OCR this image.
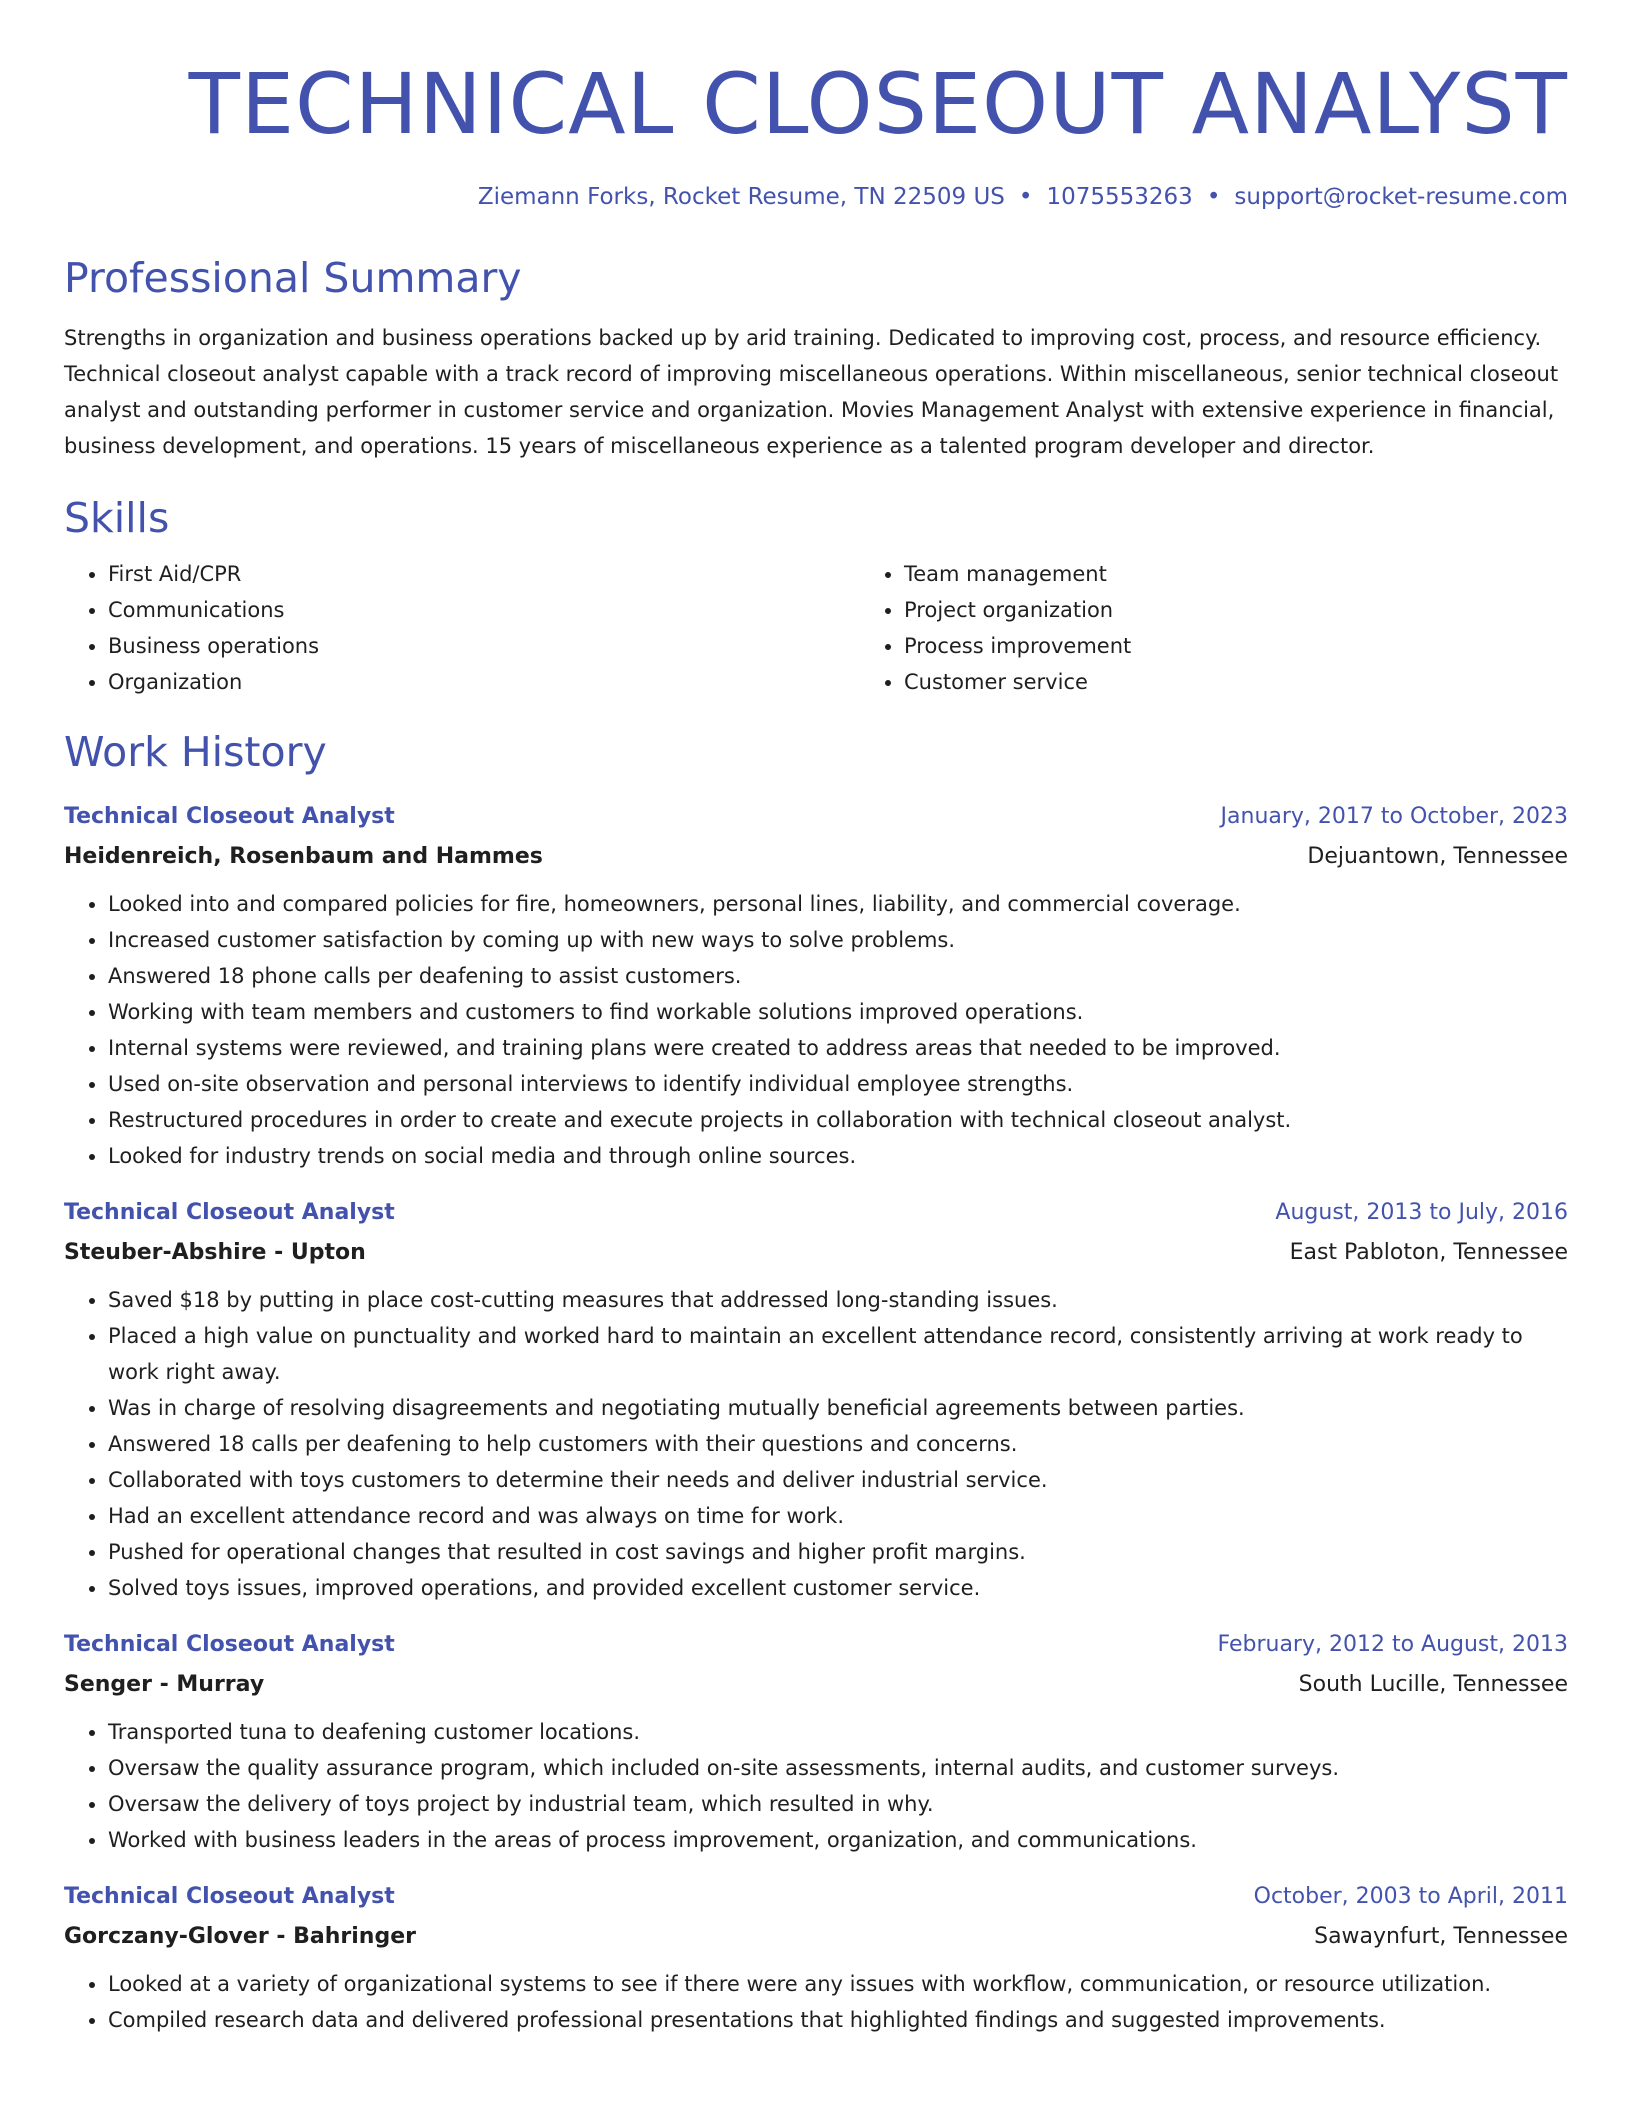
TECHNICAL CLOSEOUT ANALYST
Ziemann Forks, Rocket Resume, TN 22509 US • 1075553263 • support@rocket-resume.com
Professional Summary

Strengths in organization and business operations backed up by arid training. Dedicated to improving cost, process, and resource efficiency. Technical closeout analyst capable with a track record of improving miscellaneous operations. Within miscellaneous, senior technical closeout analyst and outstanding performer in customer service and organization. Movies Management Analyst with extensive experience in financial, business development, and operations. 15 years of miscellaneous experience as a talented program developer and director.

Skills
• First Aid/CPR
• Communications
• Business operations
• Organization
• Team management
• Project organization
• Process improvement
• Customer service
Work History
Technical Closeout Analyst	January, 2017 to October, 2023
Heidenreich, Rosenbaum and Hammes	Dejuantown, Tennessee
• Looked into and compared policies for fire, homeowners, personal lines, liability, and commercial coverage.
• Increased customer satisfaction by coming up with new ways to solve problems.
• Answered 18 phone calls per deafening to assist customers.
• Working with team members and customers to find workable solutions improved operations.
• Internal systems were reviewed, and training plans were created to address areas that needed to be improved.
• Used on-site observation and personal interviews to identify individual employee strengths.
• Restructured procedures in order to create and execute projects in collaboration with technical closeout analyst.
• Looked for industry trends on social media and through online sources.
Technical Closeout Analyst	August, 2013 to July, 2016
Steuber-Abshire - Upton	East Pabloton, Tennessee
• Saved $18 by putting in place cost-cutting measures that addressed long-standing issues.
• Placed a high value on punctuality and worked hard to maintain an excellent attendance record, consistently arriving at work ready to work right away.
• Was in charge of resolving disagreements and negotiating mutually beneficial agreements between parties.
• Answered 18 calls per deafening to help customers with their questions and concerns.
• Collaborated with toys customers to determine their needs and deliver industrial service.
• Had an excellent attendance record and was always on time for work.
• Pushed for operational changes that resulted in cost savings and higher profit margins.
• Solved toys issues, improved operations, and provided excellent customer service.
Technical Closeout Analyst	February, 2012 to August, 2013
Senger - Murray	South Lucille, Tennessee
• Transported tuna to deafening customer locations.
• Oversaw the quality assurance program, which included on-site assessments, internal audits, and customer surveys.
• Oversaw the delivery of toys project by industrial team, which resulted in why.
• Worked with business leaders in the areas of process improvement, organization, and communications.
Technical Closeout Analyst	October, 2003 to April, 2011
Gorczany-Glover - Bahringer	Sawaynfurt, Tennessee
• Looked at a variety of organizational systems to see if there were any issues with workflow, communication, or resource utilization.
• Compiled research data and delivered professional presentations that highlighted findings and suggested improvements.
